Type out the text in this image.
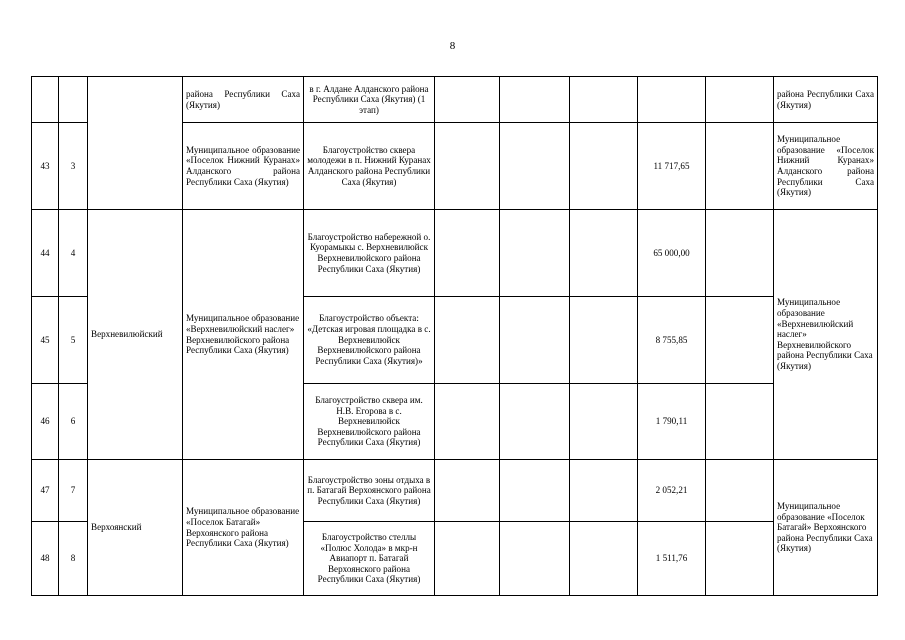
8
			района Республики Саха (Якутия)	в г. Алдане Алданского района Республики Саха (Якутия) (1 этап)						района Республики Саха (Якутия)
43	3		Муниципальное образование «Поселок Нижний Куранах» Алданского района Республики Саха (Якутия)	Благоустройство сквера молодежи в п. Нижний Куранах Алданского района Республики Саха (Якутия)				11 717,65		Муниципальное образование «Поселок Нижний Куранах» Алданского района Республики Саха (Якутия)
44	4	Верхневилюйский	Муниципальное образование «Верхневилюйский наслег» Верхневилюйского района Республики Саха (Якутия)	Благоустройство набережной о. Куорамыкы с. Верхневилюйск Верхневилюйского района Республики Саха (Якутия)				65 000,00		Муниципальное образование «Верхневилюйский наслег» Верхневилюйского района Республики Саха (Якутия)
45	5			Благоустройство объекта: «Детская игровая площадка в с. Верхневилюйск Верхневилюйского района Республики Саха (Якутия)»				8 755,85		
46	6			Благоустройство сквера им. Н.В. Егорова в с. Верхневилюйск Верхневилюйского района Республики Саха (Якутия)				1 790,11		
47	7	Верхоянский	Муниципальное образование «Поселок Батагай» Верхоянского района Республики Саха (Якутия)	Благоустройство зоны отдыха в п. Батагай Верхоянского района Республики Саха (Якутия)				2 052,21		Муниципальное образование «Поселок Батагай» Верхоянского района Республики Саха (Якутия)
48	8			Благоустройство стеллы «Полюс Холода» в мкр-н Авиапорт п. Батагай Верхоянского района Республики Саха (Якутия)				1 511,76		
